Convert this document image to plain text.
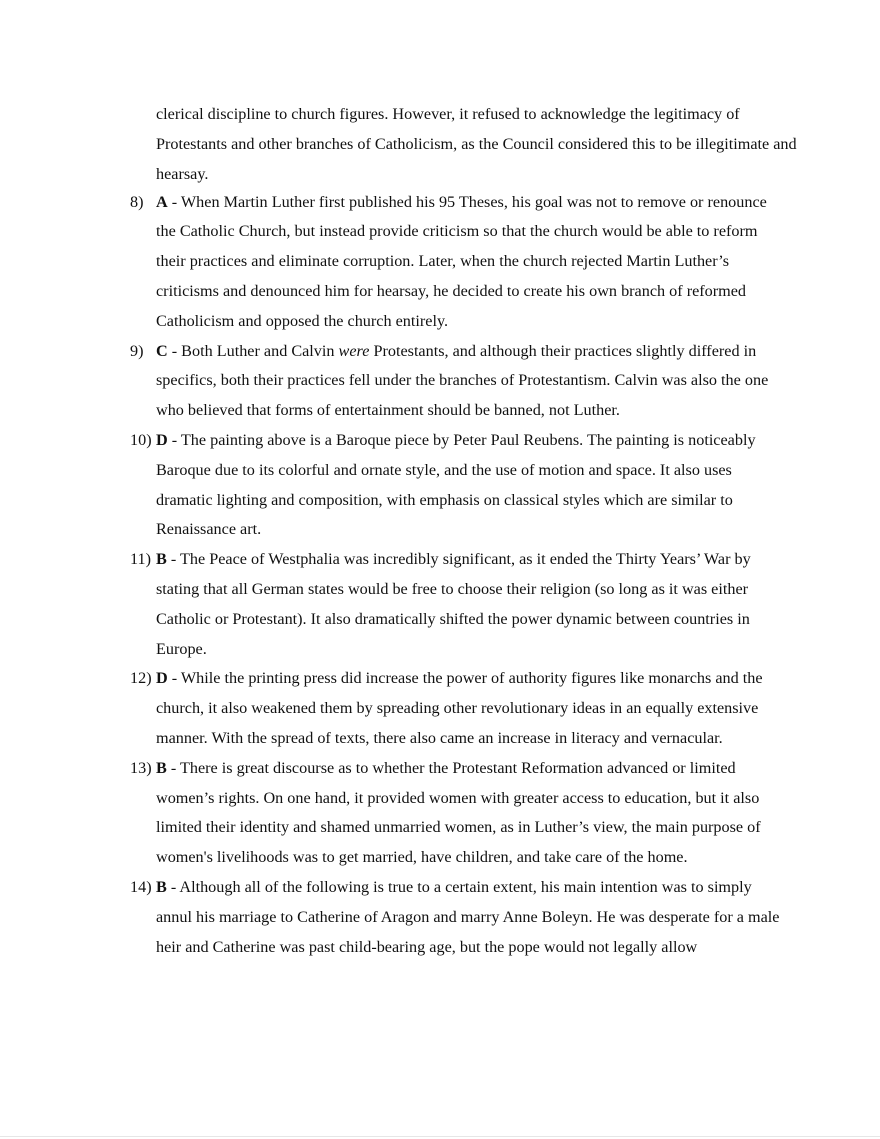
clerical discipline to church figures. However, it refused to acknowledge the legitimacy of Protestants and other branches of Catholicism, as the Council considered this to be illegitimate and hearsay.

8) A - When Martin Luther first published his 95 Theses, his goal was not to remove or renounce the Catholic Church, but instead provide criticism so that the church would be able to reform their practices and eliminate corruption. Later, when the church rejected Martin Luther’s criticisms and denounced him for hearsay, he decided to create his own branch of reformed Catholicism and opposed the church entirely.
9) C - Both Luther and Calvin were Protestants, and although their practices slightly differed in specifics, both their practices fell under the branches of Protestantism. Calvin was also the one who believed that forms of entertainment should be banned, not Luther.
10) D - The painting above is a Baroque piece by Peter Paul Reubens. The painting is noticeably Baroque due to its colorful and ornate style, and the use of motion and space. It also uses dramatic lighting and composition, with emphasis on classical styles which are similar to Renaissance art.
11) B - The Peace of Westphalia was incredibly significant, as it ended the Thirty Years’ War by stating that all German states would be free to choose their religion (so long as it was either Catholic or Protestant). It also dramatically shifted the power dynamic between countries in Europe.
12) D - While the printing press did increase the power of authority figures like monarchs and the church, it also weakened them by spreading other revolutionary ideas in an equally extensive manner. With the spread of texts, there also came an increase in literacy and vernacular.
13) B - There is great discourse as to whether the Protestant Reformation advanced or limited women’s rights. On one hand, it provided women with greater access to education, but it also limited their identity and shamed unmarried women, as in Luther’s view, the main purpose of women's livelihoods was to get married, have children, and take care of the home.
14) B - Although all of the following is true to a certain extent, his main intention was to simply annul his marriage to Catherine of Aragon and marry Anne Boleyn. He was desperate for a male heir and Catherine was past child-bearing age, but the pope would not legally allow
